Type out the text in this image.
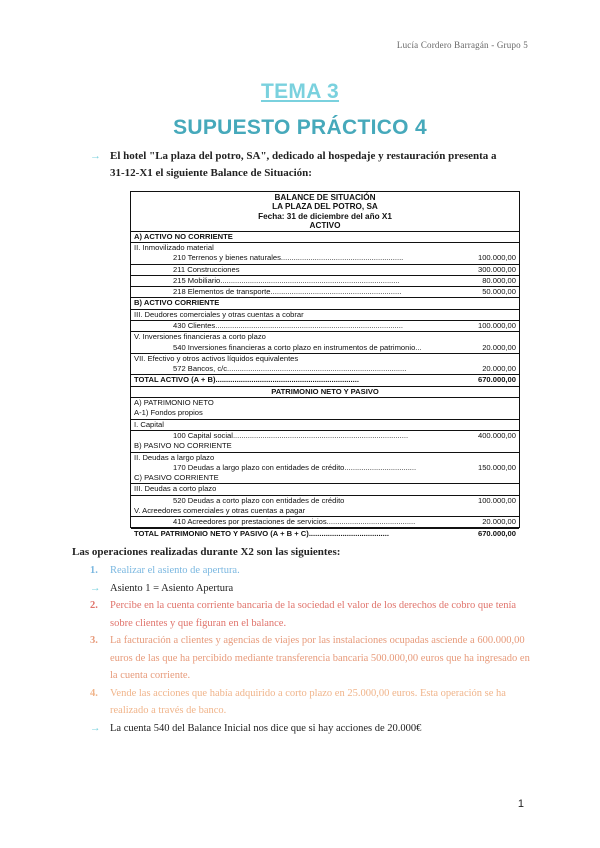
Lucía Cordero Barragán - Grupo 5
TEMA 3
SUPUESTO PRÁCTICO 4
→ El hotel "La plaza del potro, SA", dedicado al hospedaje y restauración presenta a
31-12-X1 el siguiente Balance de Situación:
BALANCE DE SITUACIÓN
LA PLAZA DEL POTRO, SA
Fecha: 31 de diciembre del año X1
ACTIVO
A) ACTIVO NO CORRIENTE
II. Inmovilizado material
210 Terrenos y bienes naturales..........................................................	100.000,00
211 Construcciones	300.000,00
215 Mobiliario.....................................................................................	80.000,00
218 Elementos de transporte..............................................................	50.000,00
B) ACTIVO CORRIENTE
III. Deudores comerciales y otras cuentas a cobrar
430 Clientes.........................................................................................	100.000,00
V. Inversiones financieras a corto plazo
540 Inversiones financieras a corto plazo en instrumentos de patrimonio...	20.000,00
VII. Efectivo y otros activos líquidos equivalentes
572 Bancos, c/c.....................................................................................	20.000,00
TOTAL ACTIVO (A + B)....................................................................	670.000,00
PATRIMONIO NETO Y PASIVO
A) PATRIMONIO NETO
A-1) Fondos propios
I. Capital
100 Capital social...................................................................................	400.000,00
B) PASIVO NO CORRIENTE
II. Deudas a largo plazo
170 Deudas a largo plazo con entidades de crédito..................................	150.000,00
C) PASIVO CORRIENTE
III. Deudas a corto plazo
520 Deudas a corto plazo con entidades de crédito	100.000,00
V. Acreedores comerciales y otras cuentas a pagar
410 Acreedores por prestaciones de servicios..........................................	20.000,00
TOTAL PATRIMONIO NETO Y PASIVO (A + B + C)......................................	670.000,00
Las operaciones realizadas durante X2 son las siguientes:
1. Realizar el asiento de apertura.
→ Asiento 1 = Asiento Apertura
2. Percibe en la cuenta corriente bancaria de la sociedad el valor de los derechos de cobro que tenía sobre clientes y que figuran en el balance.
3. La facturación a clientes y agencias de viajes por las instalaciones ocupadas asciende a 600.000,00 euros de las que ha percibido mediante transferencia bancaria 500.000,00 euros que ha ingresado en la cuenta corriente.
4. Vende las acciones que había adquirido a corto plazo en 25.000,00 euros. Esta operación se ha realizado a través de banco.
→ La cuenta 540 del Balance Inicial nos dice que si hay acciones de 20.000€
1
